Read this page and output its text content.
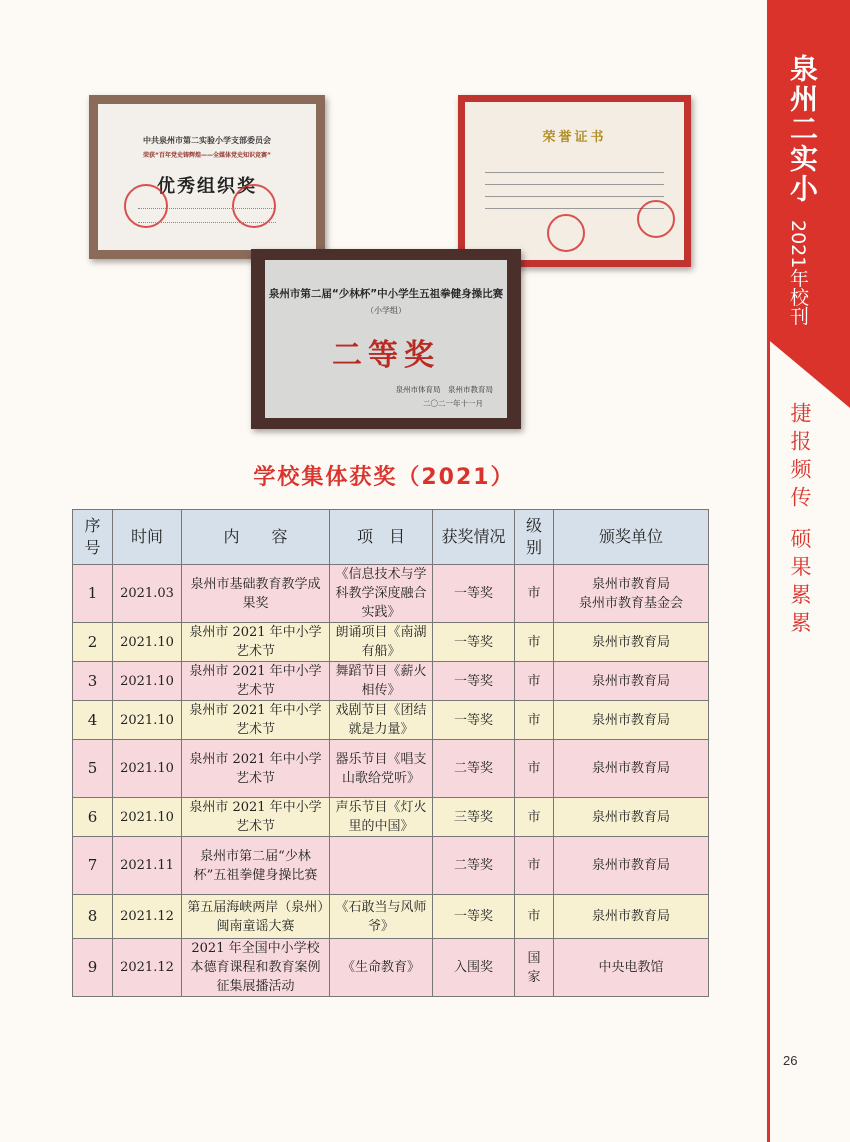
泉州二实小
2021年校刊
捷报频传 硕果累累
26
中共泉州市第二实验小学支部委员会
荣获“百年党史铸辉煌——全媒体党史知识竞赛”
优秀组织奖
荣誉证书
泉州市第二届“少林杯”中小学生五祖拳健身操比赛
（小学组）
二等奖
泉州市体育局　泉州市教育局
二〇二一年十一月
学校集体获奖（2021）
序号	时间	内　　容	项　目	获奖情况	级别	颁奖单位
1	2021.03	泉州市基础教育教学成果奖	《信息技术与学科教学深度融合实践》	一等奖	市	泉州市教育局
泉州市教育基金会
2	2021.10	泉州市 2021 年中小学艺术节	朗诵项目《南湖有船》	一等奖	市	泉州市教育局
3	2021.10	泉州市 2021 年中小学艺术节	舞蹈节目《薪火相传》	一等奖	市	泉州市教育局
4	2021.10	泉州市 2021 年中小学艺术节	戏剧节目《团结就是力量》	一等奖	市	泉州市教育局
5	2021.10	泉州市 2021 年中小学艺术节	器乐节目《唱支山歌给党听》	二等奖	市	泉州市教育局
6	2021.10	泉州市 2021 年中小学艺术节	声乐节目《灯火里的中国》	三等奖	市	泉州市教育局
7	2021.11	泉州市第二届“少林杯”五祖拳健身操比赛		二等奖	市	泉州市教育局
8	2021.12	第五届海峡两岸（泉州）闽南童谣大赛	《石敢当与风师爷》	一等奖	市	泉州市教育局
9	2021.12	2021 年全国中小学校本德育课程和教育案例征集展播活动	《生命教育》	入围奖	国家	中央电教馆
